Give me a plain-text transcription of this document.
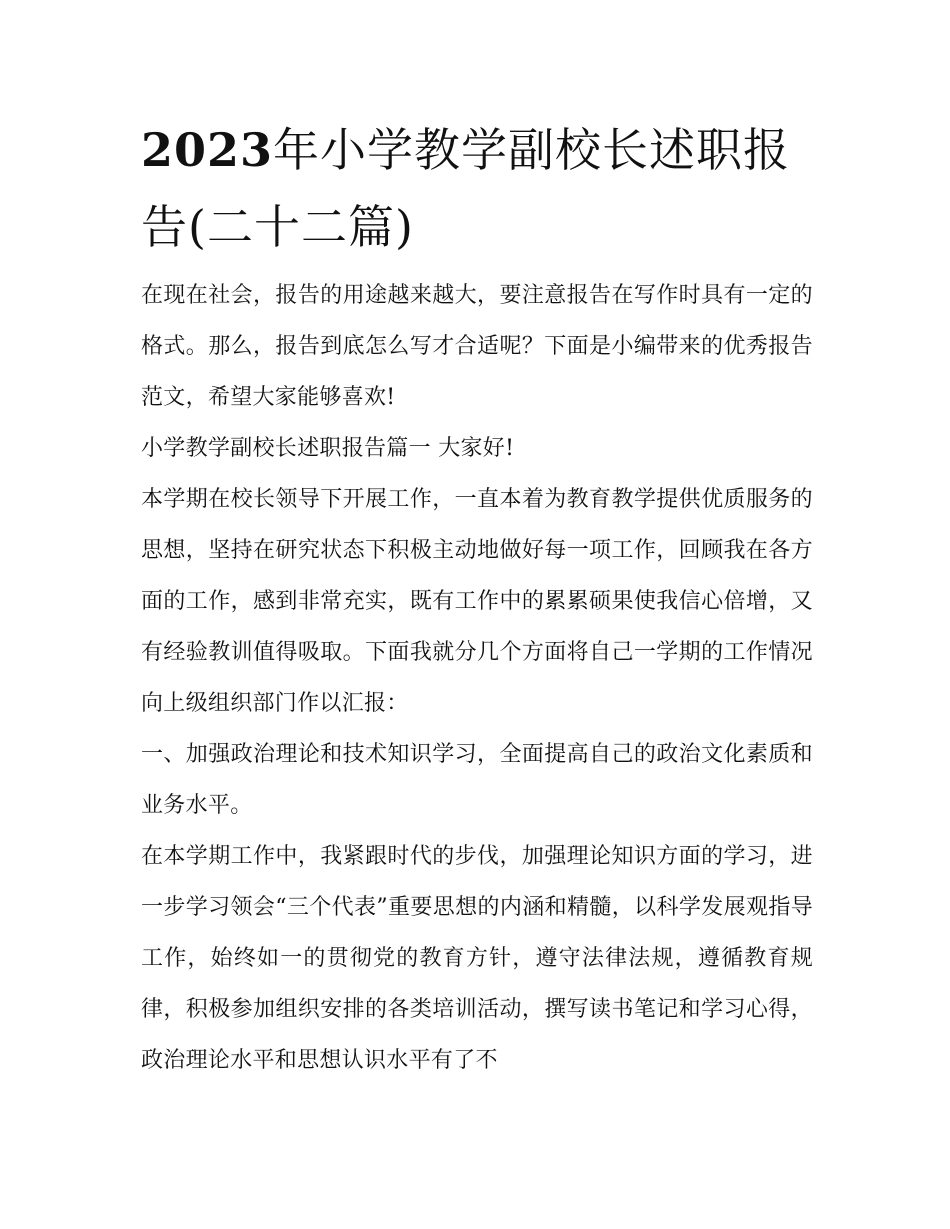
2023年小学教学副校长述职报告(二十二篇)

在现在社会，报告的用途越来越大，要注意报告在写作时具有一定的格式。那么，报告到底怎么写才合适呢？下面是小编带来的优秀报告范文，希望大家能够喜欢!

小学教学副校长述职报告篇一 大家好!

本学期在校长领导下开展工作，一直本着为教育教学提供优质服务的思想，坚持在研究状态下积极主动地做好每一项工作，回顾我在各方面的工作，感到非常充实，既有工作中的累累硕果使我信心倍增，又有经验教训值得吸取。下面我就分几个方面将自己一学期的工作情况向上级组织部门作以汇报：

一、加强政治理论和技术知识学习，全面提高自己的政治文化素质和业务水平。

在本学期工作中，我紧跟时代的步伐，加强理论知识方面的学习，进一步学习领会“三个代表”重要思想的内涵和精髓，以科学发展观指导工作，始终如一的贯彻党的教育方针，遵守法律法规，遵循教育规律，积极参加组织安排的各类培训活动，撰写读书笔记和学习心得，政治理论水平和思想认识水平有了不
